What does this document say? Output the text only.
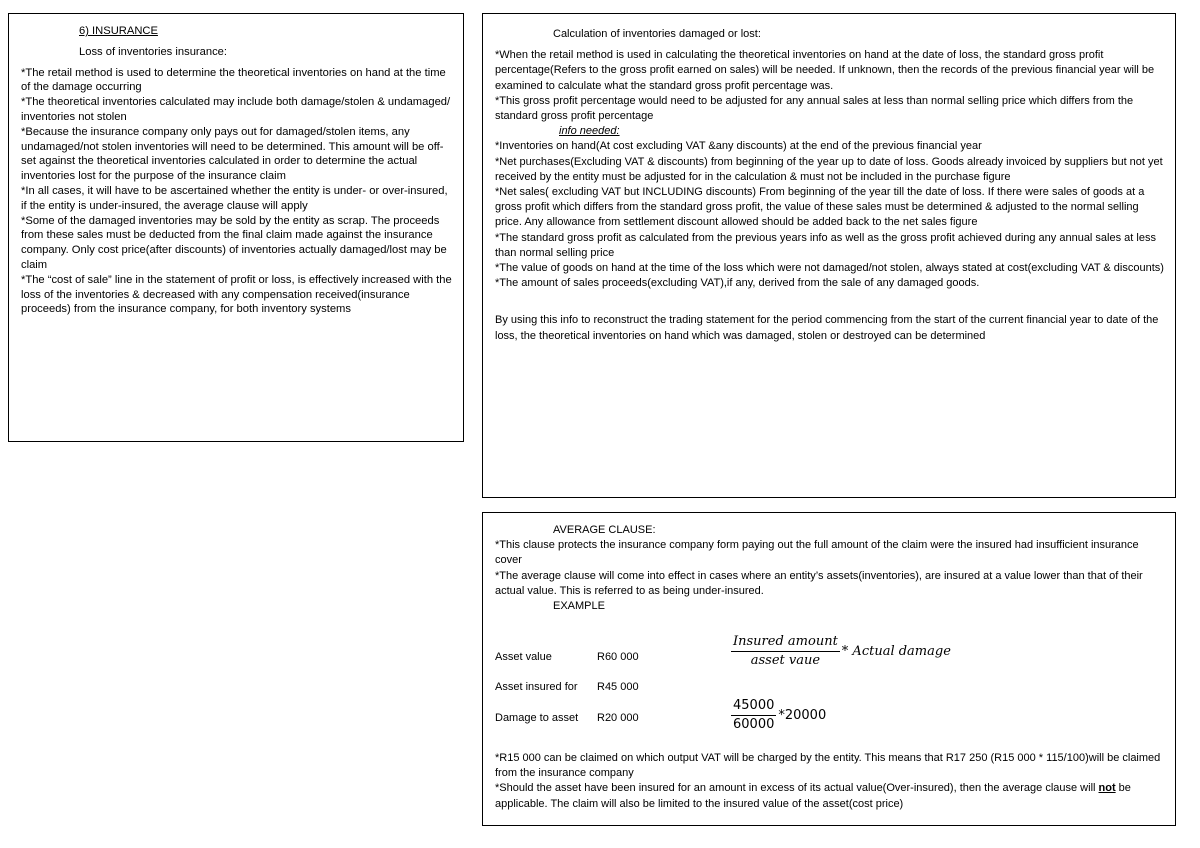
6) INSURANCE

Loss of inventories insurance:

*The retail method is used to determine the theoretical inventories on hand at the time of the damage occurring

*The theoretical inventories calculated may include both damage/stolen & undamaged/ inventories not stolen

*Because the insurance company only pays out for damaged/stolen items, any undamaged/not stolen inventories will need to be determined. This amount will be off-set against the theoretical inventories calculated in order to determine the actual inventories lost for the purpose of the insurance claim

*In all cases, it will have to be ascertained whether the entity is under- or over-insured, if the entity is under-insured, the average clause will apply

*Some of the damaged inventories may be sold by the entity as scrap. The proceeds from these sales must be deducted from the final claim made against the insurance company. Only cost price(after discounts) of inventories actually damaged/lost may be claim

*The “cost of sale” line in the statement of profit or loss, is effectively increased with the loss of the inventories & decreased with any compensation received(insurance proceeds) from the insurance company, for both inventory systems

Calculation of inventories damaged or lost:

*When the retail method is used in calculating the theoretical inventories on hand at the date of loss, the standard gross profit percentage(Refers to the gross profit earned on sales) will be needed. If unknown, then the records of the previous financial year will be examined to calculate what the standard gross profit percentage was.

*This gross profit percentage would need to be adjusted for any annual sales at less than normal selling price which differs from the standard gross profit percentage

info needed:

*Inventories on hand(At cost excluding VAT &any discounts) at the end of the previous financial year

*Net purchases(Excluding VAT & discounts) from beginning of the year up to date of loss. Goods already invoiced by suppliers but not yet received by the entity must be adjusted for in the calculation & must not be included in the purchase figure

*Net sales( excluding VAT but INCLUDING discounts) From beginning of the year till the date of loss. If there were sales of goods at a gross profit which differs from the standard gross profit, the value of these sales must be determined & adjusted to the normal selling price. Any allowance from settlement discount allowed should be added back to the net sales figure

*The standard gross profit as calculated from the previous years info as well as the gross profit achieved during any annual sales at less than normal selling price

*The value of goods on hand at the time of the loss which were not damaged/not stolen, always stated at cost(excluding VAT & discounts)

*The amount of sales proceeds(excluding VAT),if any, derived from the sale of any damaged goods.

By using this info to reconstruct the trading statement for the period commencing from the start of the current financial year to date of the loss, the theoretical inventories on hand which was damaged, stolen or destroyed can be determined

AVERAGE CLAUSE:

*This clause protects the insurance company form paying out the full amount of the claim were the insured had insufficient insurance cover

*The average clause will come into effect in cases where an entity’s assets(inventories), are insured at a value lower than that of their actual value. This is referred to as being under-insured.

EXAMPLE

Asset value	R60 000
Asset insured for R45 000
Damage to asset R20 000
$\frac{\text{Insured amount}}{\text{asset vaue}}$ * Actual damage
$\frac{45000}{60000} *20000$

*R15 000 can be claimed on which output VAT will be charged by the entity. This means that R17 250 (R15 000 * 115/100)will be claimed from the insurance company

*Should the asset have been insured for an amount in excess of its actual value(Over-insured), then the average clause will not be applicable. The claim will also be limited to the insured value of the asset(cost price)
